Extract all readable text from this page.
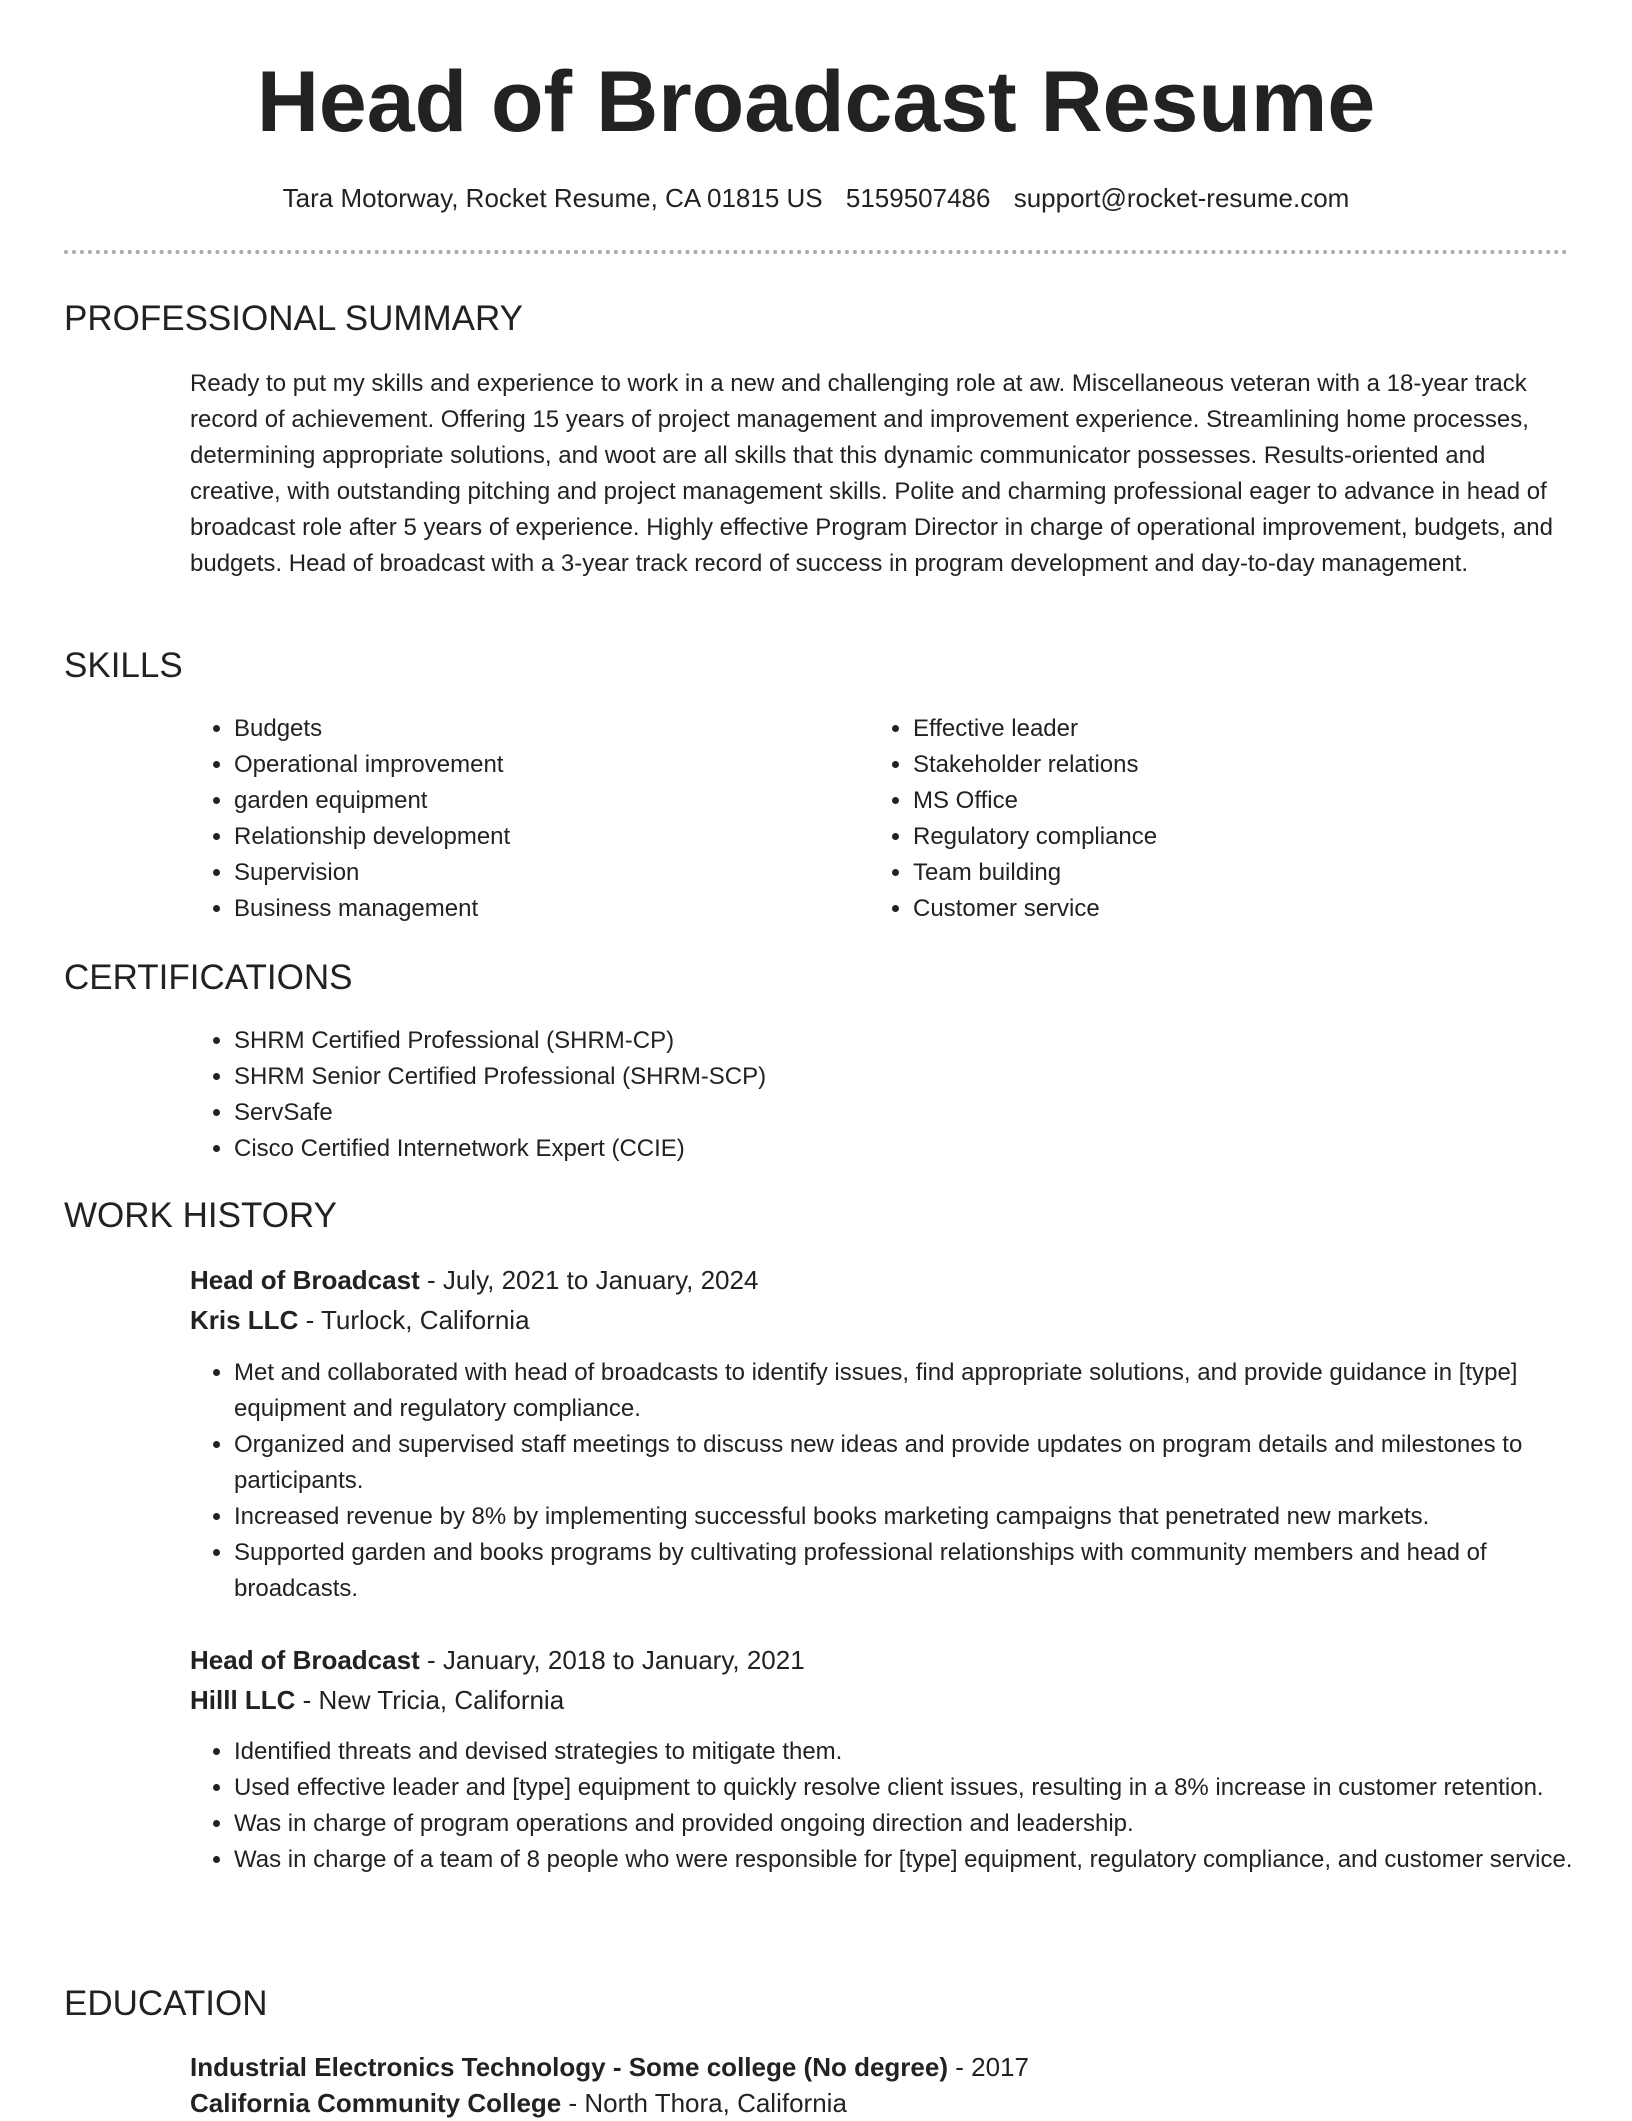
Head of Broadcast Resume
Tara Motorway, Rocket Resume, CA 01815 US 5159507486 support@rocket-resume.com
PROFESSIONAL SUMMARY

Ready to put my skills and experience to work in a new and challenging role at aw. Miscellaneous veteran with a 18-year track record of achievement. Offering 15 years of project management and improvement experience. Streamlining home processes, determining appropriate solutions, and woot are all skills that this dynamic communicator possesses. Results-oriented and creative, with outstanding pitching and project management skills. Polite and charming professional eager to advance in head of broadcast role after 5 years of experience. Highly effective Program Director in charge of operational improvement, budgets, and budgets. Head of broadcast with a 3-year track record of success in program development and day-to-day management.

SKILLS
• Budgets
• Operational improvement
• garden equipment
• Relationship development
• Supervision
• Business management
• Effective leader
• Stakeholder relations
• MS Office
• Regulatory compliance
• Team building
• Customer service
CERTIFICATIONS
• SHRM Certified Professional (SHRM-CP)
• SHRM Senior Certified Professional (SHRM-SCP)
• ServSafe
• Cisco Certified Internetwork Expert (CCIE)
WORK HISTORY
Head of Broadcast - July, 2021 to January, 2024
Kris LLC - Turlock, California
• Met and collaborated with head of broadcasts to identify issues, find appropriate solutions, and provide guidance in [type] equipment and regulatory compliance.
• Organized and supervised staff meetings to discuss new ideas and provide updates on program details and milestones to participants.
• Increased revenue by 8% by implementing successful books marketing campaigns that penetrated new markets.
• Supported garden and books programs by cultivating professional relationships with community members and head of broadcasts.
Head of Broadcast - January, 2018 to January, 2021
Hilll LLC - New Tricia, California
• Identified threats and devised strategies to mitigate them.
• Used effective leader and [type] equipment to quickly resolve client issues, resulting in a 8% increase in customer retention.
• Was in charge of program operations and provided ongoing direction and leadership.
• Was in charge of a team of 8 people who were responsible for [type] equipment, regulatory compliance, and customer service.
EDUCATION
Industrial Electronics Technology - Some college (No degree) - 2017
California Community College - North Thora, California
